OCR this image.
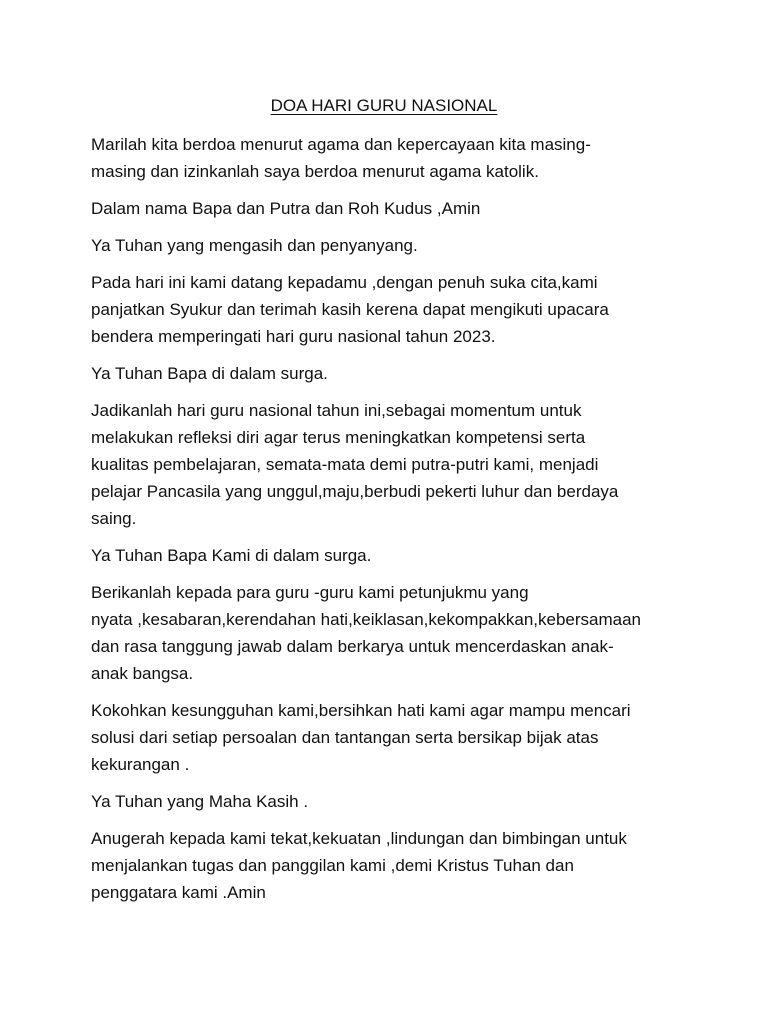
DOA HARI GURU NASIONAL

Marilah kita berdoa menurut agama dan kepercayaan kita masing-
masing dan izinkanlah saya berdoa menurut agama katolik.

Dalam nama Bapa dan Putra dan Roh Kudus ,Amin

Ya Tuhan yang mengasih dan penyanyang.

Pada hari ini kami datang kepadamu ,dengan penuh suka cita,kami
panjatkan Syukur dan terimah kasih kerena dapat mengikuti upacara
bendera memperingati hari guru nasional tahun 2023.

Ya Tuhan Bapa di dalam surga.

Jadikanlah hari guru nasional tahun ini,sebagai momentum untuk
melakukan refleksi diri agar terus meningkatkan kompetensi serta
kualitas pembelajaran, semata-mata demi putra-putri kami, menjadi
pelajar Pancasila yang unggul,maju,berbudi pekerti luhur dan berdaya
saing.

Ya Tuhan Bapa Kami di dalam surga.

Berikanlah kepada para guru -guru kami petunjukmu yang
nyata ,kesabaran,kerendahan hati,keiklasan,kekompakkan,kebersamaan
dan rasa tanggung jawab dalam berkarya untuk mencerdaskan anak-
anak bangsa.

Kokohkan kesungguhan kami,bersihkan hati kami agar mampu mencari
solusi dari setiap persoalan dan tantangan serta bersikap bijak atas
kekurangan .

Ya Tuhan yang Maha Kasih .

Anugerah kepada kami tekat,kekuatan ,lindungan dan bimbingan untuk
menjalankan tugas dan panggilan kami ,demi Kristus Tuhan dan
penggatara kami .Amin
